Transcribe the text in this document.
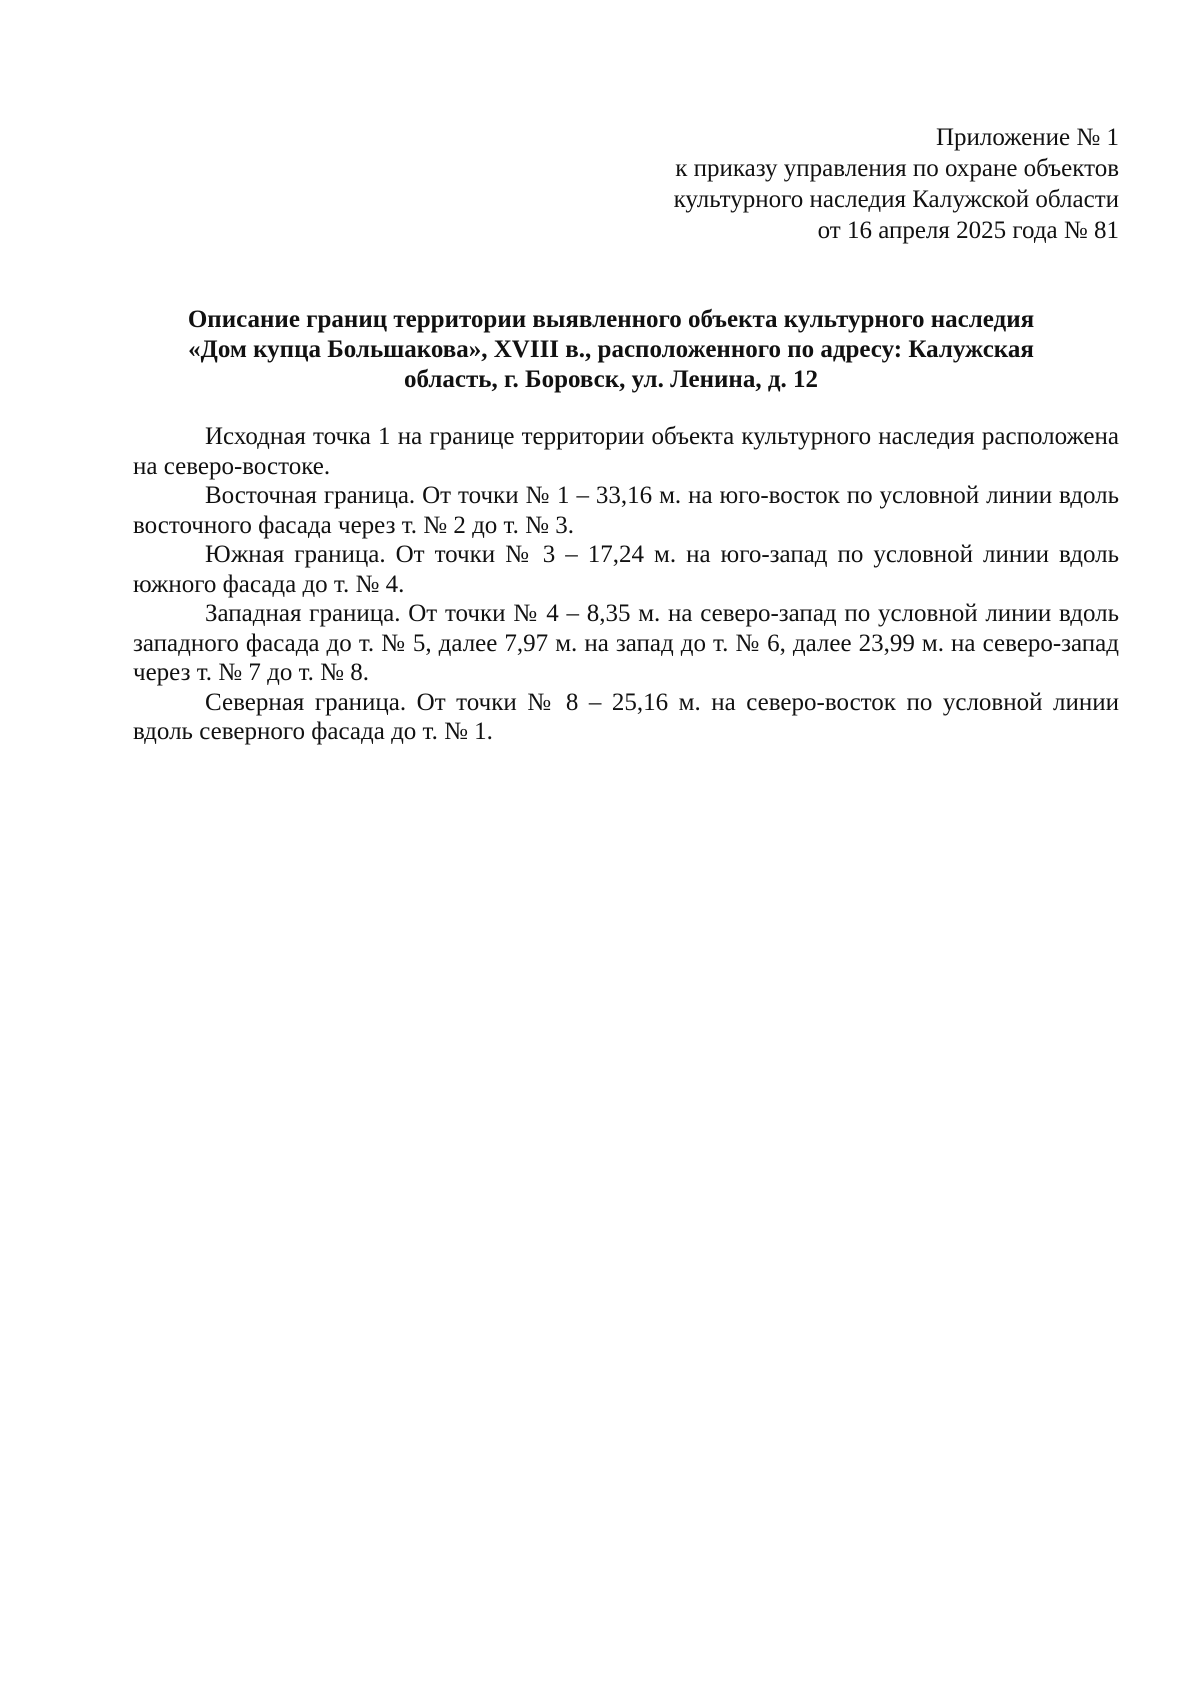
Приложение № 1
к приказу управления по охране объектов
культурного наследия Калужской области
от 16 апреля 2025 года № 81
Описание границ территории выявленного объекта культурного наследия
«Дом купца Большакова», XVIII в., расположенного по адресу: Калужская
область, г. Боровск, ул. Ленина, д. 12

Исходная точка 1 на границе территории объекта культурного наследия расположена на северо-востоке.

Восточная граница. От точки № 1 – 33,16 м. на юго-восток по условной линии вдоль восточного фасада через т. № 2 до т. № 3.

Южная граница. От точки № 3 – 17,24 м. на юго-запад по условной линии вдоль южного фасада до т. № 4.

Западная граница. От точки № 4 – 8,35 м. на северо-запад по условной линии вдоль западного фасада до т. № 5, далее 7,97 м. на запад до т. № 6, далее 23,99 м. на северо-запад через т. № 7 до т. № 8.

Северная граница. От точки № 8 – 25,16 м. на северо-восток по условной линии вдоль северного фасада до т. № 1.
